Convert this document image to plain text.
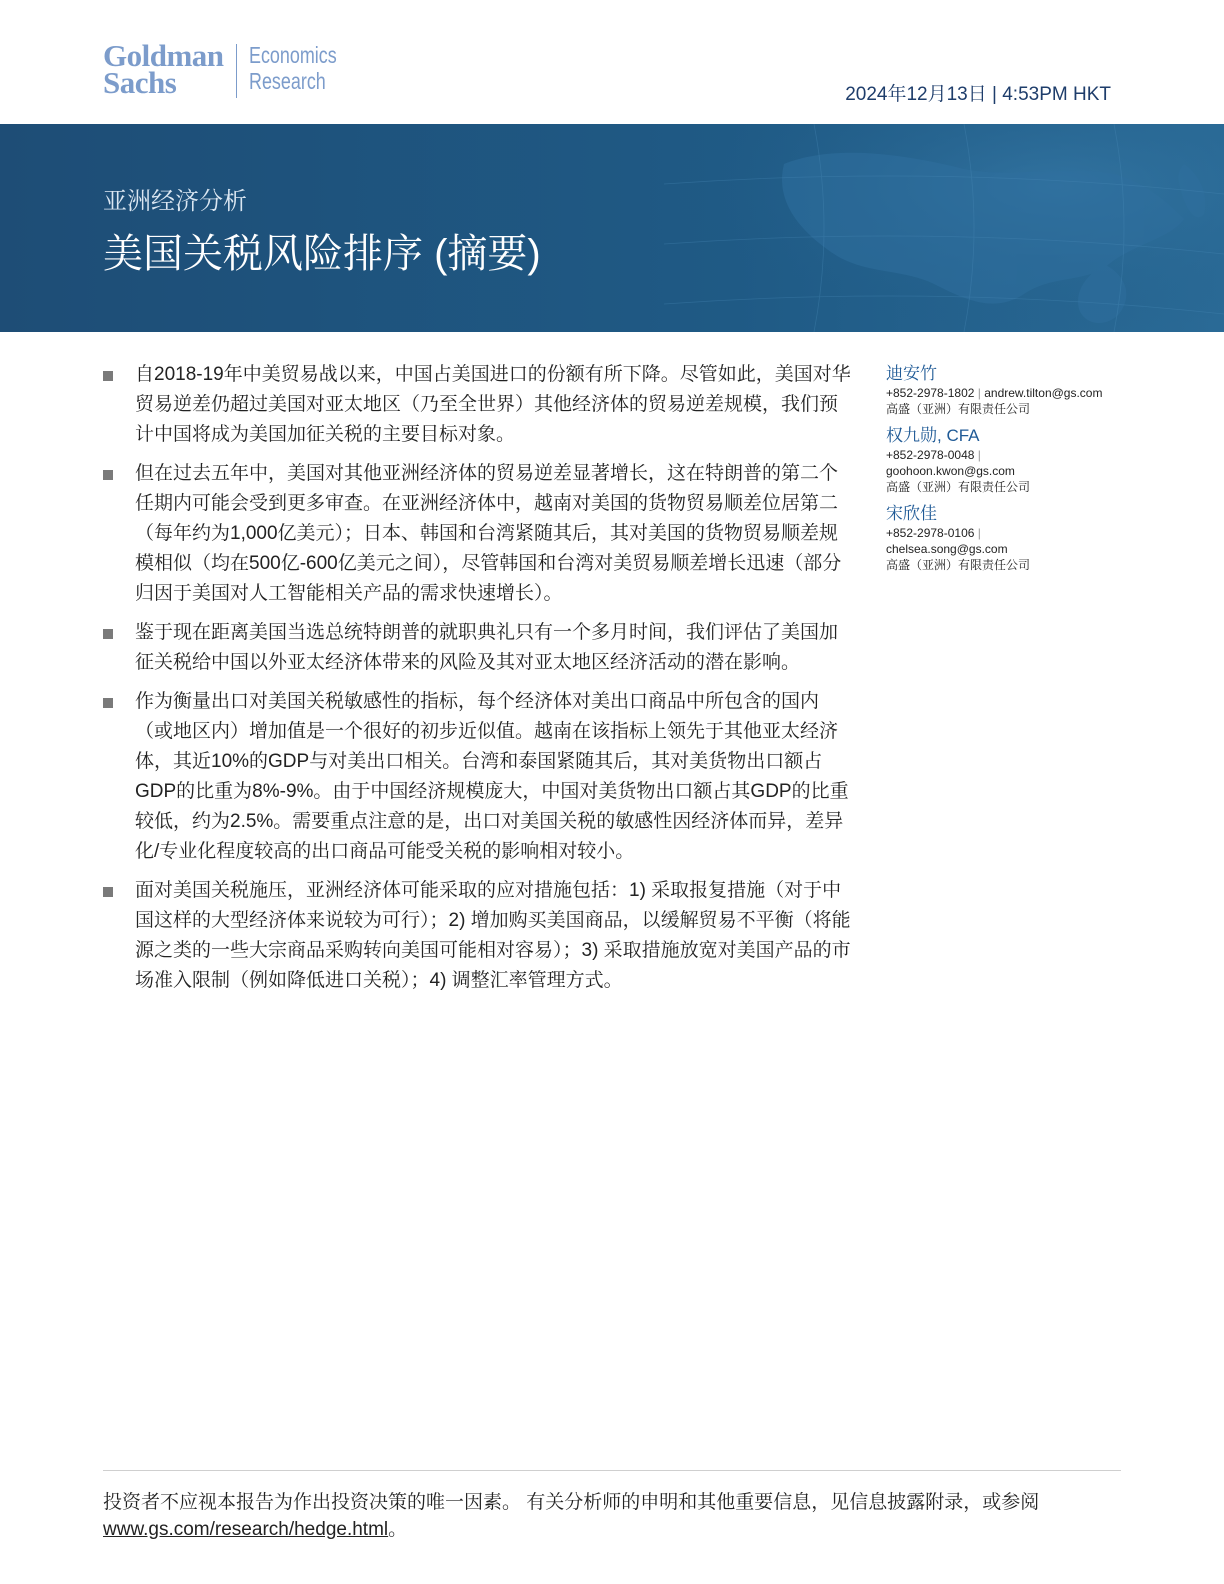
Goldman
Sachs
Economics
Research
2024年12月13日 | 4:53PM HKT
亚洲经济分析
美国关税风险排序 (摘要)
自2018-19年中美贸易战以来，中国占美国进口的份额有所下降。尽管如此，美国对华贸易逆差仍超过美国对亚太地区（乃至全世界）其他经济体的贸易逆差规模，我们预计中国将成为美国加征关税的主要目标对象。
但在过去五年中，美国对其他亚洲经济体的贸易逆差显著增长，这在特朗普的第二个任期内可能会受到更多审查。在亚洲经济体中，越南对美国的货物贸易顺差位居第二（每年约为1,000亿美元）；日本、韩国和台湾紧随其后，其对美国的货物贸易顺差规模相似（均在500亿-600亿美元之间），尽管韩国和台湾对美贸易顺差增长迅速（部分归因于美国对人工智能相关产品的需求快速增长）。
鉴于现在距离美国当选总统特朗普的就职典礼只有一个多月时间，我们评估了美国加征关税给中国以外亚太经济体带来的风险及其对亚太地区经济活动的潜在影响。
作为衡量出口对美国关税敏感性的指标，每个经济体对美出口商品中所包含的国内（或地区内）增加值是一个很好的初步近似值。越南在该指标上领先于其他亚太经济体，其近10%的GDP与对美出口相关。台湾和泰国紧随其后，其对美货物出口额占GDP的比重为8%-9%。由于中国经济规模庞大，中国对美货物出口额占其GDP的比重较低，约为2.5%。需要重点注意的是，出口对美国关税的敏感性因经济体而异，差异化/专业化程度较高的出口商品可能受关税的影响相对较小。
面对美国关税施压，亚洲经济体可能采取的应对措施包括：1) 采取报复措施（对于中国这样的大型经济体来说较为可行）；2) 增加购买美国商品，以缓解贸易不平衡（将能源之类的一些大宗商品采购转向美国可能相对容易）；3) 采取措施放宽对美国产品的市场准入限制（例如降低进口关税）；4) 调整汇率管理方式。
迪安竹
+852-2978-1802 | andrew.tilton@gs.com
高盛（亚洲）有限责任公司
权九勋, CFA
+852-2978-0048 |
goohoon.kwon@gs.com
高盛（亚洲）有限责任公司
宋欣佳
+852-2978-0106 |
chelsea.song@gs.com
高盛（亚洲）有限责任公司
投资者不应视本报告为作出投资决策的唯一因素。 有关分析师的申明和其他重要信息，见信息披露附录，或参阅
www.gs.com/research/hedge.html。
